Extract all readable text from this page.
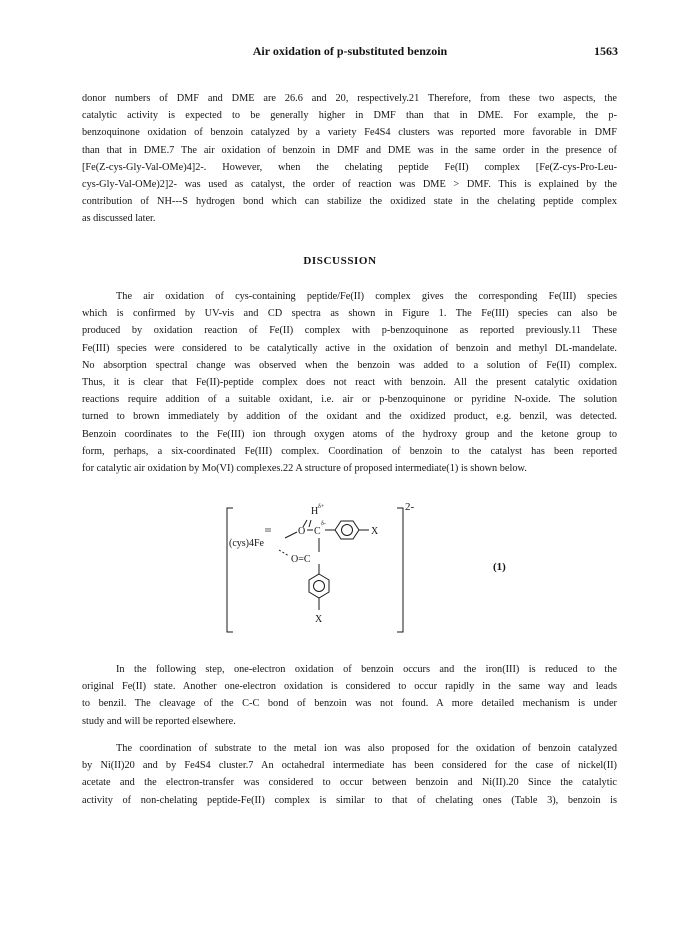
Air oxidation of p-substituted benzoin	1563
donor numbers of DMF and DME are 26.6 and 20, respectively.21 Therefore, from these two aspects, the
catalytic activity is expected to be generally higher in DMF than that in DME. For example, the p-
benzoquinone oxidation of benzoin catalyzed by a variety Fe4S4 clusters was reported more favorable in DMF
than that in DME.7 The air oxidation of benzoin in DMF and DME was in the same order in the presence of
[Fe(Z-cys-Gly-Val-OMe)4]2-. However, when the chelating peptide Fe(II) complex [Fe(Z-cys-Pro-Leu-
cys-Gly-Val-OMe)2]2- was used as catalyst, the order of reaction was DME > DMF. This is explained by the
contribution of NH---S hydrogen bond which can stabilize the oxidized state in the chelating peptide complex
as discussed later.
DISCUSSION
The air oxidation of cys-containing peptide/Fe(II) complex gives the corresponding Fe(III) species
which is confirmed by UV-vis and CD spectra as shown in Figure 1. The Fe(III) species can also be
produced by oxidation reaction of Fe(II) complex with p-benzoquinone as reported previously.11 These
Fe(III) species were considered to be catalytically active in the oxidation of benzoin and methyl DL-mandelate.
No absorption spectral change was observed when the benzoin was added to a solution of Fe(II) complex.
Thus, it is clear that Fe(II)-peptide complex does not react with benzoin. All the present catalytic oxidation
reactions require addition of a suitable oxidant, i.e. air or p-benzoquinone or pyridine N-oxide. The solution
turned to brown immediately by addition of the oxidant and the oxidized product, e.g. benzil, was detected.
Benzoin coordinates to the Fe(III) ion through oxygen atoms of the hydroxy group and the ketone group to
form, perhaps, a six-coordinated Fe(III) complex. Coordination of benzoin to the catalyst has been reported
for catalytic air oxidation by Mo(VI) complexes.22 A structure of proposed intermediate(1) is shown below.
2-
H δ+
δ-
III
(cys)4Fe
O C	X
O=C
X
(1)
In the following step, one-electron oxidation of benzoin occurs and the iron(III) is reduced to the
original Fe(II) state. Another one-electron oxidation is considered to occur rapidly in the same way and leads
to benzil. The cleavage of the C-C bond of benzoin was not found. A more detailed mechanism is under
study and will be reported elsewhere.
The coordination of substrate to the metal ion was also proposed for the oxidation of benzoin catalyzed
by Ni(II)20 and by Fe4S4 cluster.7 An octahedral intermediate has been considered for the case of nickel(II)
acetate and the electron-transfer was considered to occur between benzoin and Ni(II).20 Since the catalytic
activity of non-chelating peptide-Fe(II) complex is similar to that of chelating ones (Table 3), benzoin is
